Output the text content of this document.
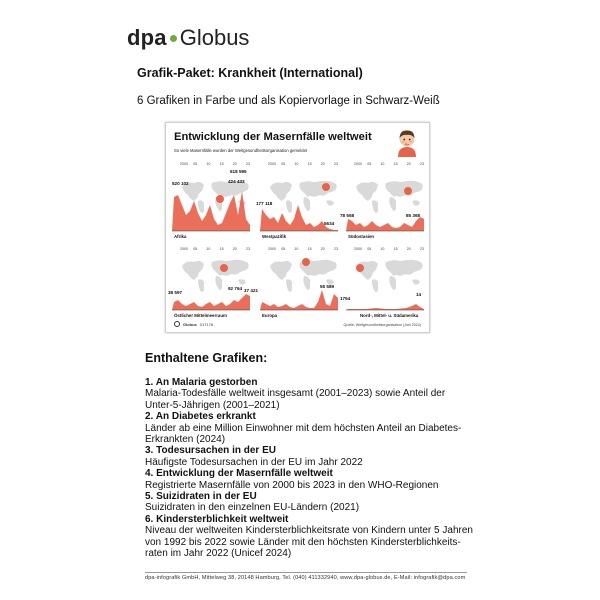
dpa Globus
Grafik-Paket: Krankheit (International)
6 Grafiken in Farbe und als Kopiervorlage in Schwarz-Weiß
Entwicklung der Masernfälle weltweit
So viele Masernfälle wurden der Weltgesundheitsorganisation gemeldet
2000 05	10	15	20	23	2000 05	10	15	20	23	2000 05	10	15	20	23
2000 05	10	15	20	23	2000 05	10	15	20	23	2000 05	10	15	20	23
520 102
618 595
424 433
Afrika
177 118
5634
Westpazifik
78 558	85 368
Südostasien
38 597
92 764
Östlicher Mittelmeerraum
37 421
55 589
Europa
1754
14
Nord-, Mittel- u. Südamerika
Globus 017176	Quelle: Weltgesundheitsorganisation (Juni 2024)
Enthaltene Grafiken:
1. An Malaria gestorben
Malaria-Todesfälle weltweit insgesamt (2001–2023) sowie Anteil der Unter-5-Jährigen (2001–2021)
2. An Diabetes erkrankt
Länder ab eine Million Einwohner mit dem höchsten Anteil an Diabetes-Erkrankten (2024)
3. Todesursachen in der EU
Häufigste Todesursachen in der EU im Jahr 2022
4. Entwicklung der Masernfälle weltweit
Registrierte Masernfälle von 2000 bis 2023 in den WHO-Regionen
5. Suizidraten in der EU
Suizidraten in den einzelnen EU-Ländern (2021)
6. Kindersterblichkeit weltweit
Niveau der weltweiten Kindersterblichkeitsrate von Kindern unter 5 Jahren von 1992 bis 2022 sowie Länder mit den höchsten Kindersterblichkeits-raten im Jahr 2022 (Unicef 2024)
dpa-infografik GmbH, Mittelweg 38, 20148 Hamburg, Tel. (040) 411332940, www.dpa-globus.de, E-Mail: infografik@dpa.com
